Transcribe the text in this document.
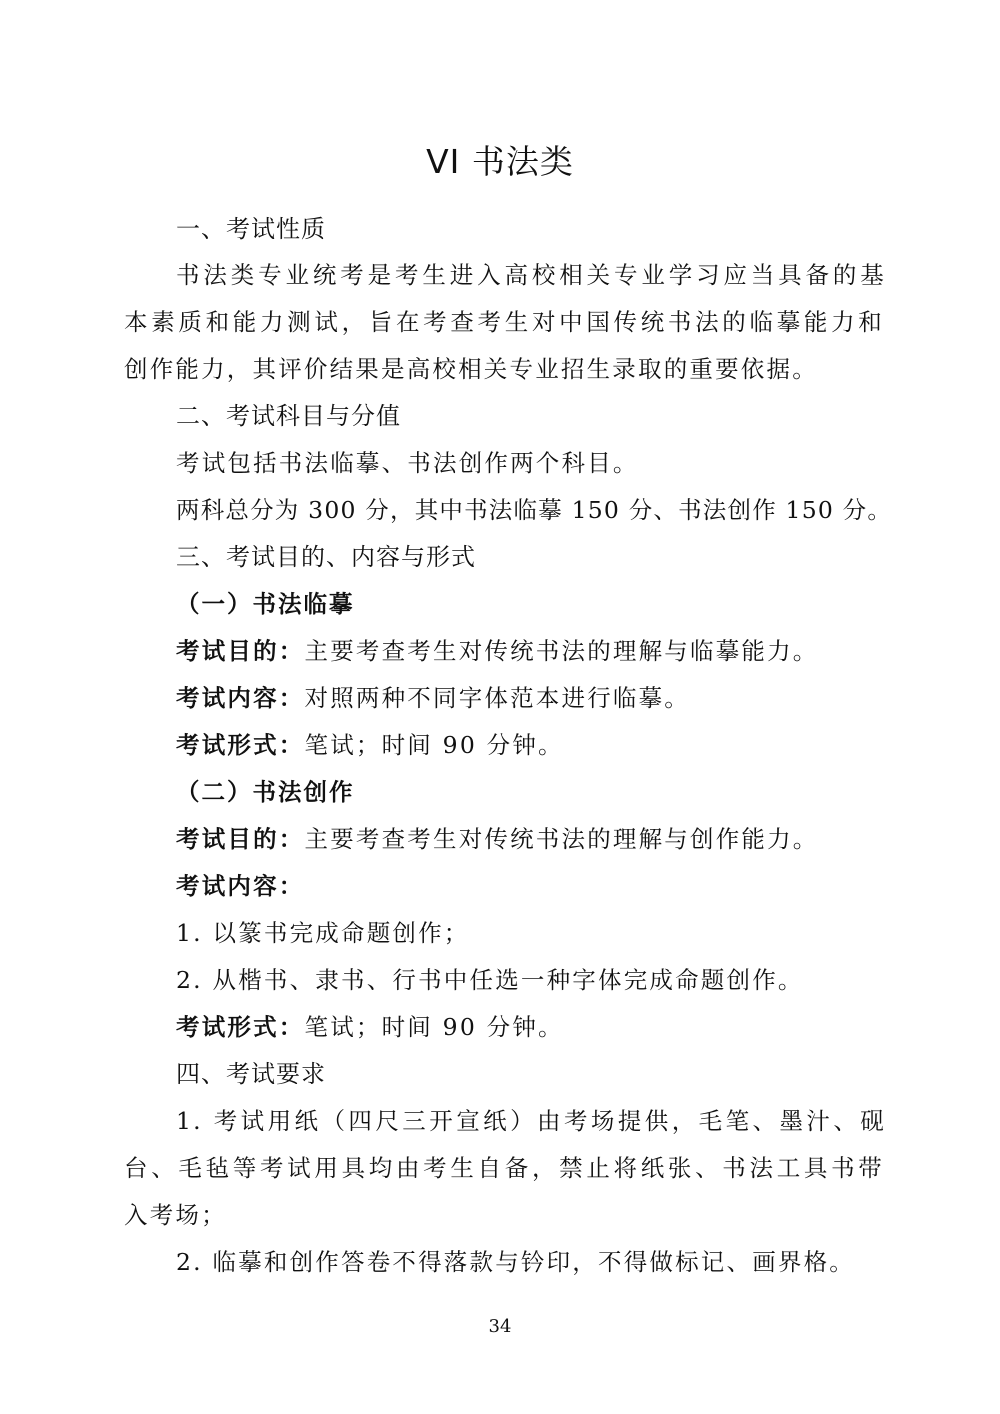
VI 书法类
一、考试性质
书法类专业统考是考生进入高校相关专业学习应当具备的基
本素质和能力测试，旨在考查考生对中国传统书法的临摹能力和
创作能力，其评价结果是高校相关专业招生录取的重要依据。
二、考试科目与分值
考试包括书法临摹、书法创作两个科目。
两科总分为 300 分，其中书法临摹 150 分、书法创作 150 分。
三、考试目的、内容与形式
（一）书法临摹
考试目的：主要考查考生对传统书法的理解与临摹能力。
考试内容：对照两种不同字体范本进行临摹。
考试形式：笔试；时间 90 分钟。
（二）书法创作
考试目的：主要考查考生对传统书法的理解与创作能力。
考试内容：
1. 以篆书完成命题创作；
2. 从楷书、隶书、行书中任选一种字体完成命题创作。
考试形式：笔试；时间 90 分钟。
四、考试要求
1. 考试用纸（四尺三开宣纸）由考场提供，毛笔、墨汁、砚
台、毛毡等考试用具均由考生自备，禁止将纸张、书法工具书带
入考场；
2. 临摹和创作答卷不得落款与钤印，不得做标记、画界格。
34
